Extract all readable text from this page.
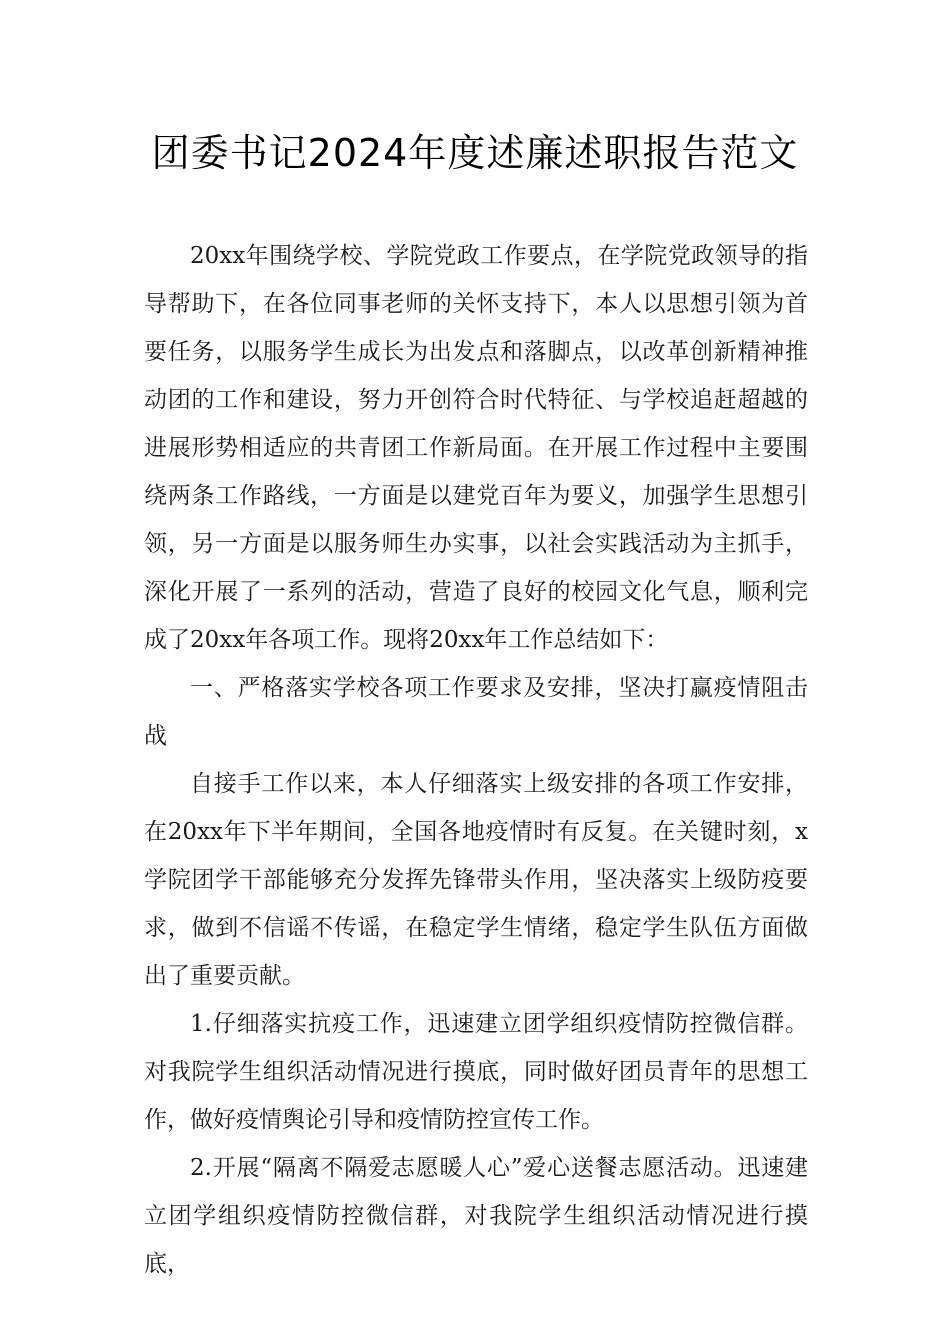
团委书记2024年度述廉述职报告范文

20xx年围绕学校、学院党政工作要点，在学院党政领导的指导帮助下，在各位同事老师的关怀支持下，本人以思想引领为首要任务，以服务学生成长为出发点和落脚点，以改革创新精神推动团的工作和建设，努力开创符合时代特征、与学校追赶超越的进展形势相适应的共青团工作新局面。在开展工作过程中主要围绕两条工作路线，一方面是以建党百年为要义，加强学生思想引领，另一方面是以服务师生办实事，以社会实践活动为主抓手，深化开展了一系列的活动，营造了良好的校园文化气息，顺利完成了20xx年各项工作。现将20xx年工作总结如下：

一、严格落实学校各项工作要求及安排，坚决打赢疫情阻击战

自接手工作以来，本人仔细落实上级安排的各项工作安排，在20xx年下半年期间，全国各地疫情时有反复。在关键时刻，x学院团学干部能够充分发挥先锋带头作用，坚决落实上级防疫要求，做到不信谣不传谣，在稳定学生情绪，稳定学生队伍方面做出了重要贡献。

1.仔细落实抗疫工作，迅速建立团学组织疫情防控微信群。对我院学生组织活动情况进行摸底，同时做好团员青年的思想工作，做好疫情舆论引导和疫情防控宣传工作。

2.开展“隔离不隔爱志愿暖人心”爱心送餐志愿活动。迅速建立团学组织疫情防控微信群，对我院学生组织活动情况进行摸底，
